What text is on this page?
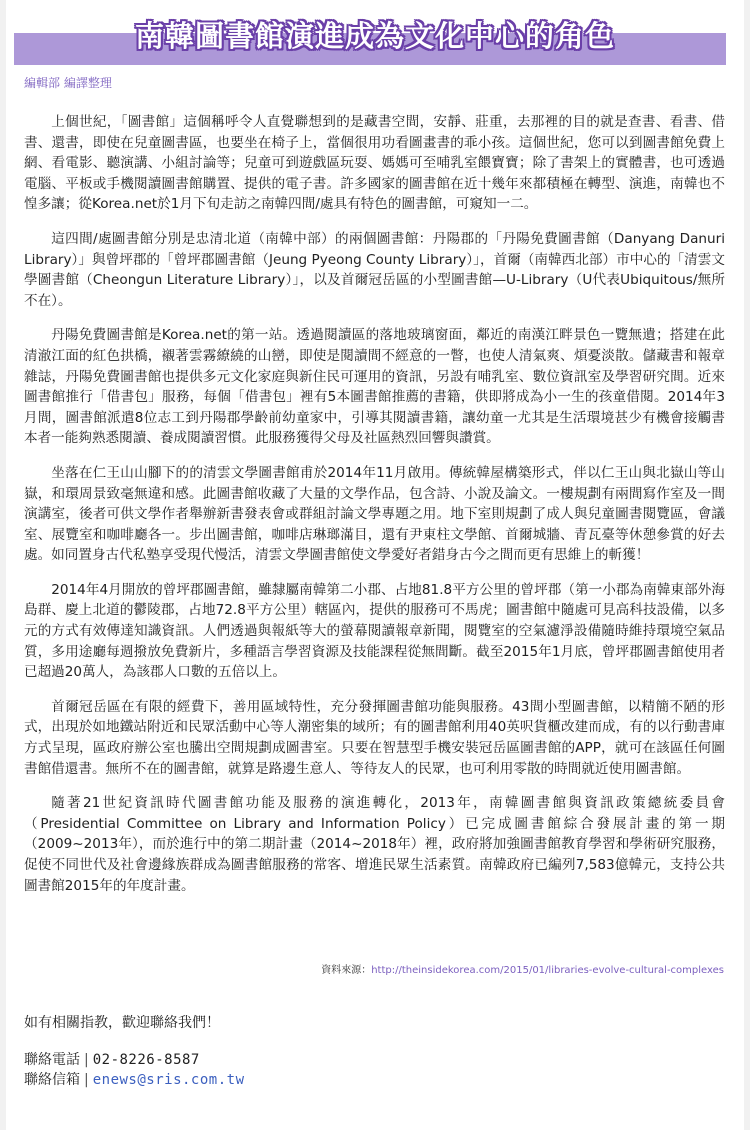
南韓圖書館演進成為文化中心的角色
編輯部 編譯整理

上個世紀，「圖書館」這個稱呼令人直覺聯想到的是藏書空間，安靜、莊重，去那裡的目的就是查書、看書、借書、還書，即使在兒童圖書區，也要坐在椅子上，當個很用功看圖畫書的乖小孩。這個世紀，您可以到圖書館免費上網、看電影、聽演講、小組討論等；兒童可到遊戲區玩耍、媽媽可至哺乳室餵寶寶；除了書架上的實體書，也可透過電腦、平板或手機閱讀圖書館購置、提供的電子書。許多國家的圖書館在近十幾年來都積極在轉型、演進，南韓也不惶多讓；從Korea.net於1月下旬走訪之南韓四間/處具有特色的圖書館，可窺知一二。

這四間/處圖書館分別是忠清北道（南韓中部）的兩個圖書館：丹陽郡的「丹陽免費圖書館（Danyang Danuri Library）」與曾坪郡的「曾坪郡圖書館（Jeung Pyeong County Library）」，首爾（南韓西北部）市中心的「清雲文學圖書館（Cheongun Literature Library）」，以及首爾冠岳區的小型圖書館—U-Library（U代表Ubiquitous/無所不在）。

丹陽免費圖書館是Korea.net的第一站。透過閱讀區的落地玻璃窗面，鄰近的南漢江畔景色一覽無遺；搭建在此清澈江面的紅色拱橋，襯著雲霧繚繞的山巒，即使是閱讀間不經意的一瞥，也使人清氣爽、煩憂淡散。儲藏書和報章雜誌，丹陽免費圖書館也提供多元文化家庭與新住民可運用的資訊，另設有哺乳室、數位資訊室及學習研究間。近來圖書館推行「借書包」服務，每個「借書包」裡有5本圖書館推薦的書籍，供即將成為小一生的孩童借閱。2014年3月間，圖書館派遣8位志工到丹陽郡學齡前幼童家中，引導其閱讀書籍，讓幼童一尤其是生活環境甚少有機會接觸書本者一能夠熟悉閱讀、養成閱讀習慣。此服務獲得父母及社區熱烈回響與讚賞。

坐落在仁王山山腳下的的清雲文學圖書館甫於2014年11月啟用。傳統韓屋構築形式，伴以仁王山與北嶽山等山嶽，和環周景致毫無違和感。此圖書館收藏了大量的文學作品，包含詩、小說及論文。一樓規劃有兩間寫作室及一間演講室，後者可供文學作者舉辦新書發表會或群組討論文學專題之用。地下室則規劃了成人與兒童圖書閱覽區，會議室、展覽室和咖啡廳各一。步出圖書館，咖啡店琳瑯滿目，還有尹東柱文學館、首爾城牆、青瓦臺等休憩參賞的好去處。如同置身古代私塾享受現代慢活，清雲文學圖書館使文學愛好者錯身古今之間而更有思維上的斬獲！

2014年4月開放的曾坪郡圖書館，雖隸屬南韓第二小郡、占地81.8平方公里的曾坪郡（第一小郡為南韓東部外海島群、慶上北道的鬱陵郡，占地72.8平方公里）轄區內，提供的服務可不馬虎；圖書館中隨處可見高科技設備，以多元的方式有效傳達知識資訊。人們透過與報紙等大的螢幕閱讀報章新聞，閱覽室的空氣濾淨設備隨時維持環境空氣品質，多用途廳每週撥放免費新片，多種語言學習資源及技能課程從無間斷。截至2015年1月底，曾坪郡圖書館使用者已超過20萬人，為該郡人口數的五倍以上。

首爾冠岳區在有限的經費下，善用區域特性，充分發揮圖書館功能與服務。43間小型圖書館，以精簡不陋的形式，出現於如地鐵站附近和民眾活動中心等人潮密集的域所；有的圖書館利用40英呎貨櫃改建而成，有的以行動書庫方式呈現，區政府辦公室也騰出空間規劃成圖書室。只要在智慧型手機安裝冠岳區圖書館的APP，就可在該區任何圖書館借還書。無所不在的圖書館，就算是路邊生意人、等待友人的民眾，也可利用零散的時間就近使用圖書館。

隨著21世紀資訊時代圖書館功能及服務的演進轉化，2013年，南韓圖書館與資訊政策總統委員會（Presidential Committee on Library and Information Policy）已完成圖書館綜合發展計畫的第一期（2009~2013年），而於進行中的第二期計畫（2014~2018年）裡，政府將加強圖書館教育學習和學術研究服務，促使不同世代及社會邊緣族群成為圖書館服務的常客、增進民眾生活素質。南韓政府已編列7,583億韓元，支持公共圖書館2015年的年度計畫。

資料來源：http://theinsidekorea.com/2015/01/libraries-evolve-cultural-complexes
如有相關指教，歡迎聯絡我們！
聯絡電話 | 02-8226-8587
聯絡信箱 | enews@sris.com.tw
